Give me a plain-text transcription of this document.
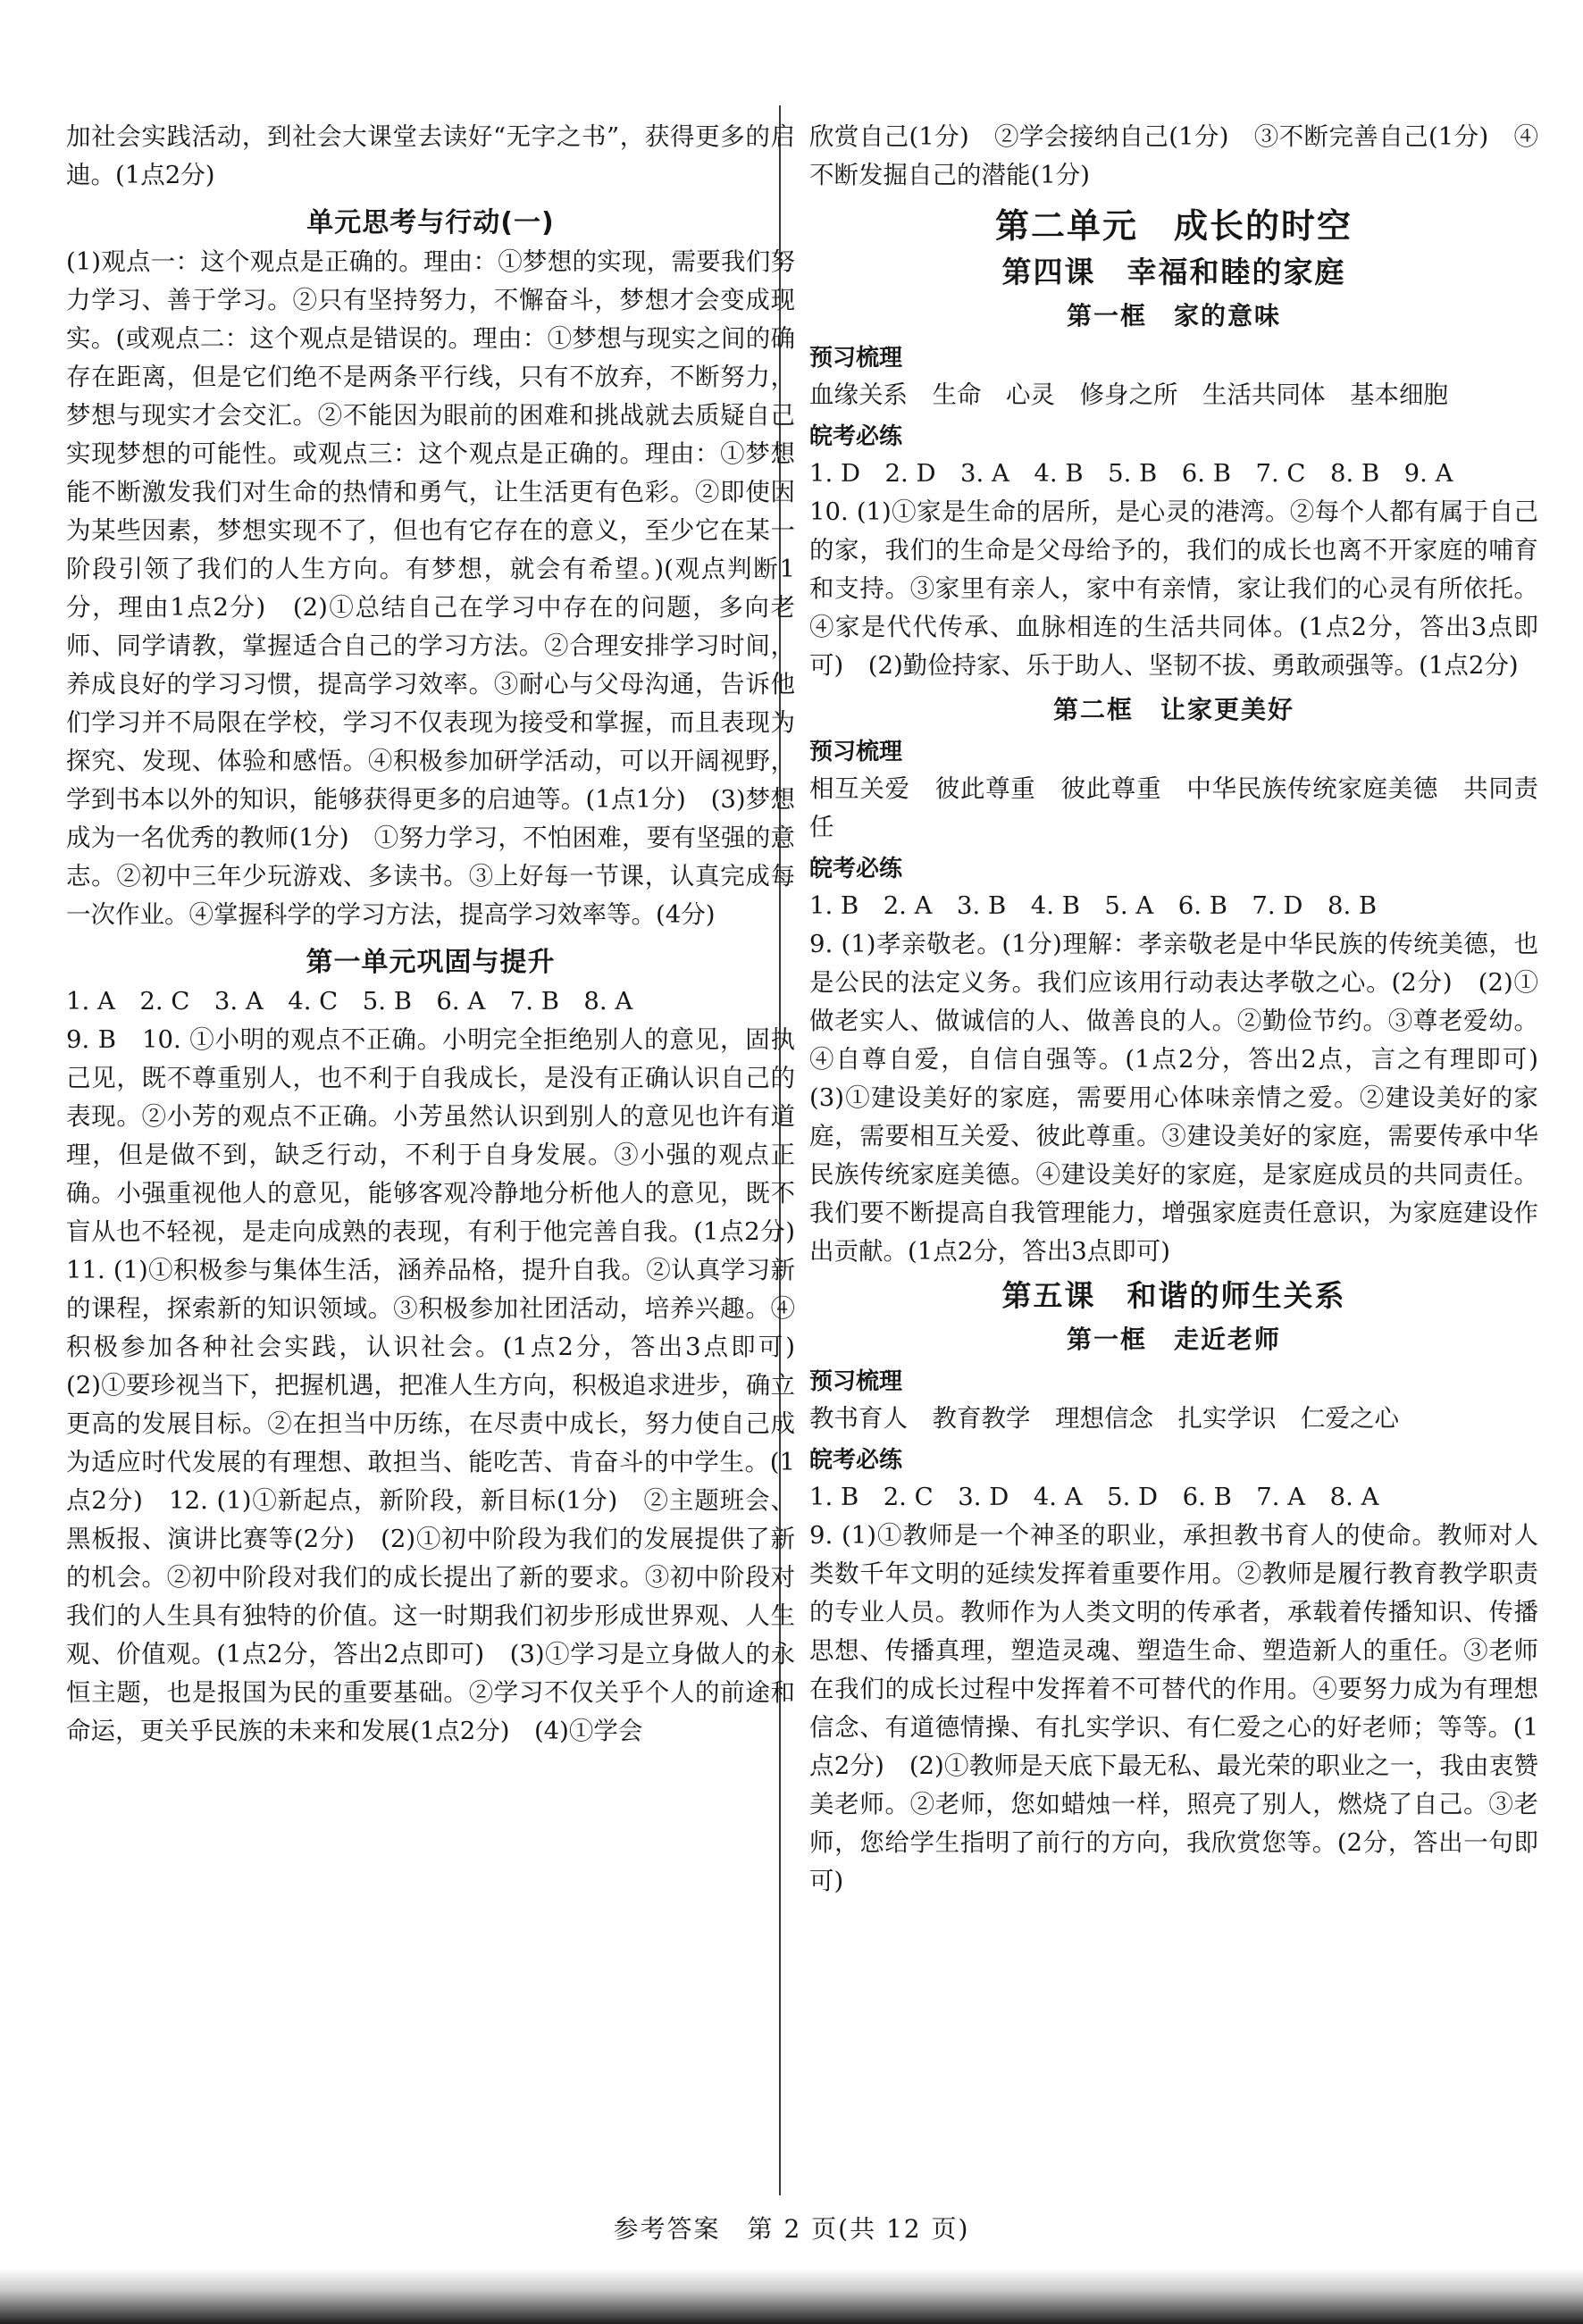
加社会实践活动，到社会大课堂去读好“无字之书”，获得更多的启迪。(1点2分)

单元思考与行动(一)

(1)观点一：这个观点是正确的。理由：①梦想的实现，需要我们努力学习、善于学习。②只有坚持努力，不懈奋斗，梦想才会变成现实。(或观点二：这个观点是错误的。理由：①梦想与现实之间的确存在距离，但是它们绝不是两条平行线，只有不放弃，不断努力，梦想与现实才会交汇。②不能因为眼前的困难和挑战就去质疑自己实现梦想的可能性。或观点三：这个观点是正确的。理由：①梦想能不断激发我们对生命的热情和勇气，让生活更有色彩。②即使因为某些因素，梦想实现不了，但也有它存在的意义，至少它在某一阶段引领了我们的人生方向。有梦想，就会有希望。)(观点判断1分，理由1点2分)　(2)①总结自己在学习中存在的问题，多向老师、同学请教，掌握适合自己的学习方法。②合理安排学习时间，养成良好的学习习惯，提高学习效率。③耐心与父母沟通，告诉他们学习并不局限在学校，学习不仅表现为接受和掌握，而且表现为探究、发现、体验和感悟。④积极参加研学活动，可以开阔视野，学到书本以外的知识，能够获得更多的启迪等。(1点1分)　(3)梦想　成为一名优秀的教师(1分)　①努力学习，不怕困难，要有坚强的意志。②初中三年少玩游戏、多读书。③上好每一节课，认真完成每一次作业。④掌握科学的学习方法，提高学习效率等。(4分)

第一单元巩固与提升

1. A　2. C　3. A　4. C　5. B　6. A　7. B　8. A

9. B　10. ①小明的观点不正确。小明完全拒绝别人的意见，固执己见，既不尊重别人，也不利于自我成长，是没有正确认识自己的表现。②小芳的观点不正确。小芳虽然认识到别人的意见也许有道理，但是做不到，缺乏行动，不利于自身发展。③小强的观点正确。小强重视他人的意见，能够客观冷静地分析他人的意见，既不盲从也不轻视，是走向成熟的表现，有利于他完善自我。(1点2分)　11. (1)①积极参与集体生活，涵养品格，提升自我。②认真学习新的课程，探索新的知识领域。③积极参加社团活动，培养兴趣。④积极参加各种社会实践，认识社会。(1点2分，答出3点即可)　(2)①要珍视当下，把握机遇，把准人生方向，积极追求进步，确立更高的发展目标。②在担当中历练，在尽责中成长，努力使自己成为适应时代发展的有理想、敢担当、能吃苦、肯奋斗的中学生。(1点2分)　12. (1)①新起点，新阶段，新目标(1分)　②主题班会、黑板报、演讲比赛等(2分)　(2)①初中阶段为我们的发展提供了新的机会。②初中阶段对我们的成长提出了新的要求。③初中阶段对我们的人生具有独特的价值。这一时期我们初步形成世界观、人生观、价值观。(1点2分，答出2点即可)　(3)①学习是立身做人的永恒主题，也是报国为民的重要基础。②学习不仅关乎个人的前途和命运，更关乎民族的未来和发展(1点2分)　(4)①学会

欣赏自己(1分)　②学会接纳自己(1分)　③不断完善自己(1分)　④不断发掘自己的潜能(1分)

第二单元　成长的时空
第四课　幸福和睦的家庭
第一框　家的意味
预习梳理

血缘关系　生命　心灵　修身之所　生活共同体　基本细胞

皖考必练

1. D　2. D　3. A　4. B　5. B　6. B　7. C　8. B　9. A

10. (1)①家是生命的居所，是心灵的港湾。②每个人都有属于自己的家，我们的生命是父母给予的，我们的成长也离不开家庭的哺育和支持。③家里有亲人，家中有亲情，家让我们的心灵有所依托。④家是代代传承、血脉相连的生活共同体。(1点2分，答出3点即可)　(2)勤俭持家、乐于助人、坚韧不拔、勇敢顽强等。(1点2分)

第二框　让家更美好
预习梳理

相互关爱　彼此尊重　彼此尊重　中华民族传统家庭美德　共同责任

皖考必练

1. B　2. A　3. B　4. B　5. A　6. B　7. D　8. B

9. (1)孝亲敬老。(1分)理解：孝亲敬老是中华民族的传统美德，也是公民的法定义务。我们应该用行动表达孝敬之心。(2分)　(2)①做老实人、做诚信的人、做善良的人。②勤俭节约。③尊老爱幼。④自尊自爱，自信自强等。(1点2分，答出2点，言之有理即可)　(3)①建设美好的家庭，需要用心体味亲情之爱。②建设美好的家庭，需要相互关爱、彼此尊重。③建设美好的家庭，需要传承中华民族传统家庭美德。④建设美好的家庭，是家庭成员的共同责任。我们要不断提高自我管理能力，增强家庭责任意识，为家庭建设作出贡献。(1点2分，答出3点即可)

第五课　和谐的师生关系
第一框　走近老师
预习梳理

教书育人　教育教学　理想信念　扎实学识　仁爱之心

皖考必练

1. B　2. C　3. D　4. A　5. D　6. B　7. A　8. A

9. (1)①教师是一个神圣的职业，承担教书育人的使命。教师对人类数千年文明的延续发挥着重要作用。②教师是履行教育教学职责的专业人员。教师作为人类文明的传承者，承载着传播知识、传播思想、传播真理，塑造灵魂、塑造生命、塑造新人的重任。③老师在我们的成长过程中发挥着不可替代的作用。④要努力成为有理想信念、有道德情操、有扎实学识、有仁爱之心的好老师；等等。(1点2分)　(2)①教师是天底下最无私、最光荣的职业之一，我由衷赞美老师。②老师，您如蜡烛一样，照亮了别人，燃烧了自己。③老师，您给学生指明了前行的方向，我欣赏您等。(2分，答出一句即可)

参考答案　第 2 页(共 12 页)
